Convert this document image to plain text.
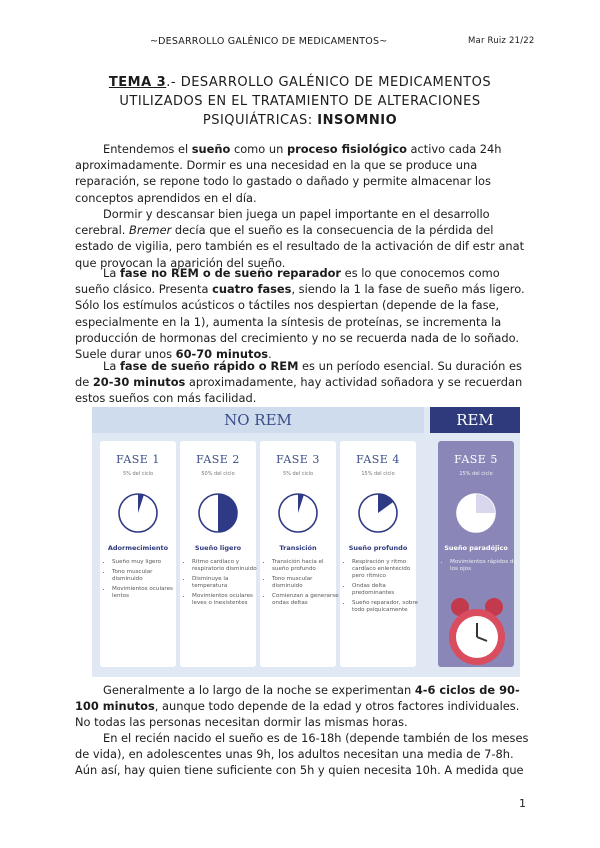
~DESARROLLO GALÉNICO DE MEDICAMENTOS~	Mar Ruiz 21/22
TEMA 3.- DESARROLLO GALÉNICO DE MEDICAMENTOS
UTILIZADOS EN EL TRATAMIENTO DE ALTERACIONES
PSIQUIÁTRICAS: INSOMNIO

Entendemos el sueño como un proceso fisiológico activo cada 24h aproximadamente. Dormir es una necesidad en la que se produce una reparación, se repone todo lo gastado o dañado y permite almacenar los conceptos aprendidos en el día.

Dormir y descansar bien juega un papel importante en el desarrollo cerebral. Bremer decía que el sueño es la consecuencia de la pérdida del estado de vigilia, pero también es el resultado de la activación de dif estr anat que provocan la aparición del sueño.

La fase no REM o de sueño reparador es lo que conocemos como sueño clásico. Presenta cuatro fases, siendo la 1 la fase de sueño más ligero. Sólo los estímulos acústicos o táctiles nos despiertan (depende de la fase, especialmente en la 1), aumenta la síntesis de proteínas, se incrementa la producción de hormonas del crecimiento y no se recuerda nada de lo soñado. Suele durar unos 60-70 minutos.

La fase de sueño rápido o REM es un período esencial. Su duración es de 20-30 minutos aproximadamente, hay actividad soñadora y se recuerdan estos sueños con más facilidad.

NO REM	REM
FASE 1
5% del ciclo
Adormecimiento
• Sueño muy ligero
• Tono muscular disminuido
• Movimientos oculares lentos
FASE 2
50% del ciclo
Sueño ligero
• Ritmo cardíaco y respiratorio disminuido
• Disminuye la temperatura
• Movimientos oculares leves o inexistentes
FASE 3
5% del ciclo
Transición
• Transición hacia el sueño profundo
• Tono muscular disminuido
• Comienzan a generarse ondas deltas
FASE 4
15% del ciclo
Sueño profundo
• Respiración y ritmo cardíaco enlentecido pero rítmico
• Ondas delta predominantes
• Sueño reparador, sobre todo psíquicamente
FASE 5
25% del ciclo
Sueño paradójico
• Movimientos rápidos de los ojos

Generalmente a lo largo de la noche se experimentan 4-6 ciclos de 90-100 minutos, aunque todo depende de la edad y otros factores individuales. No todas las personas necesitan dormir las mismas horas.

En el recién nacido el sueño es de 16-18h (depende también de los meses de vida), en adolescentes unas 9h, los adultos necesitan una media de 7-8h. Aún así, hay quien tiene suficiente con 5h y quien necesita 10h. A medida que

1
